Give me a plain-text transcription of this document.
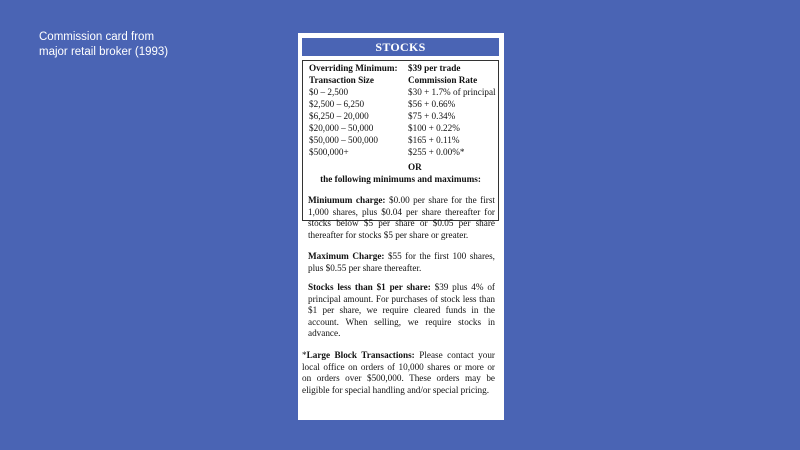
Commission card from
major retail broker (1993)	STOCKS
Overriding Minimum: $39 per trade
Transaction Size	Commission Rate
$0 – 2,500	$30 + 1.7% of principal
$2,500 – 6,250	$56 + 0.66%
$6,250 – 20,000	$75 + 0.34%
$20,000 – 50,000	$100 + 0.22%
$50,000 – 500,000	$165 + 0.11%
$500,000+	$255 + 0.00%*
OR
the following minimums and maximums:
Miniumum charge: $0.00 per share for the first 1,000 shares, plus $0.04 per share thereafter for stocks below $5 per share or $0.05 per share thereafter for stocks $5 per share or greater.
Maximum Charge: $55 for the first 100 shares, plus $0.55 per share thereafter.
Stocks less than $1 per share: $39 plus 4% of principal amount. For purchases of stock less than $1 per share, we require cleared funds in the account. When selling, we require stocks in advance.
*Large Block Transactions: Please contact your local office on orders of 10,000 shares or more or on orders over $500,000. These orders may be eligible for special handling and/or special pricing.
